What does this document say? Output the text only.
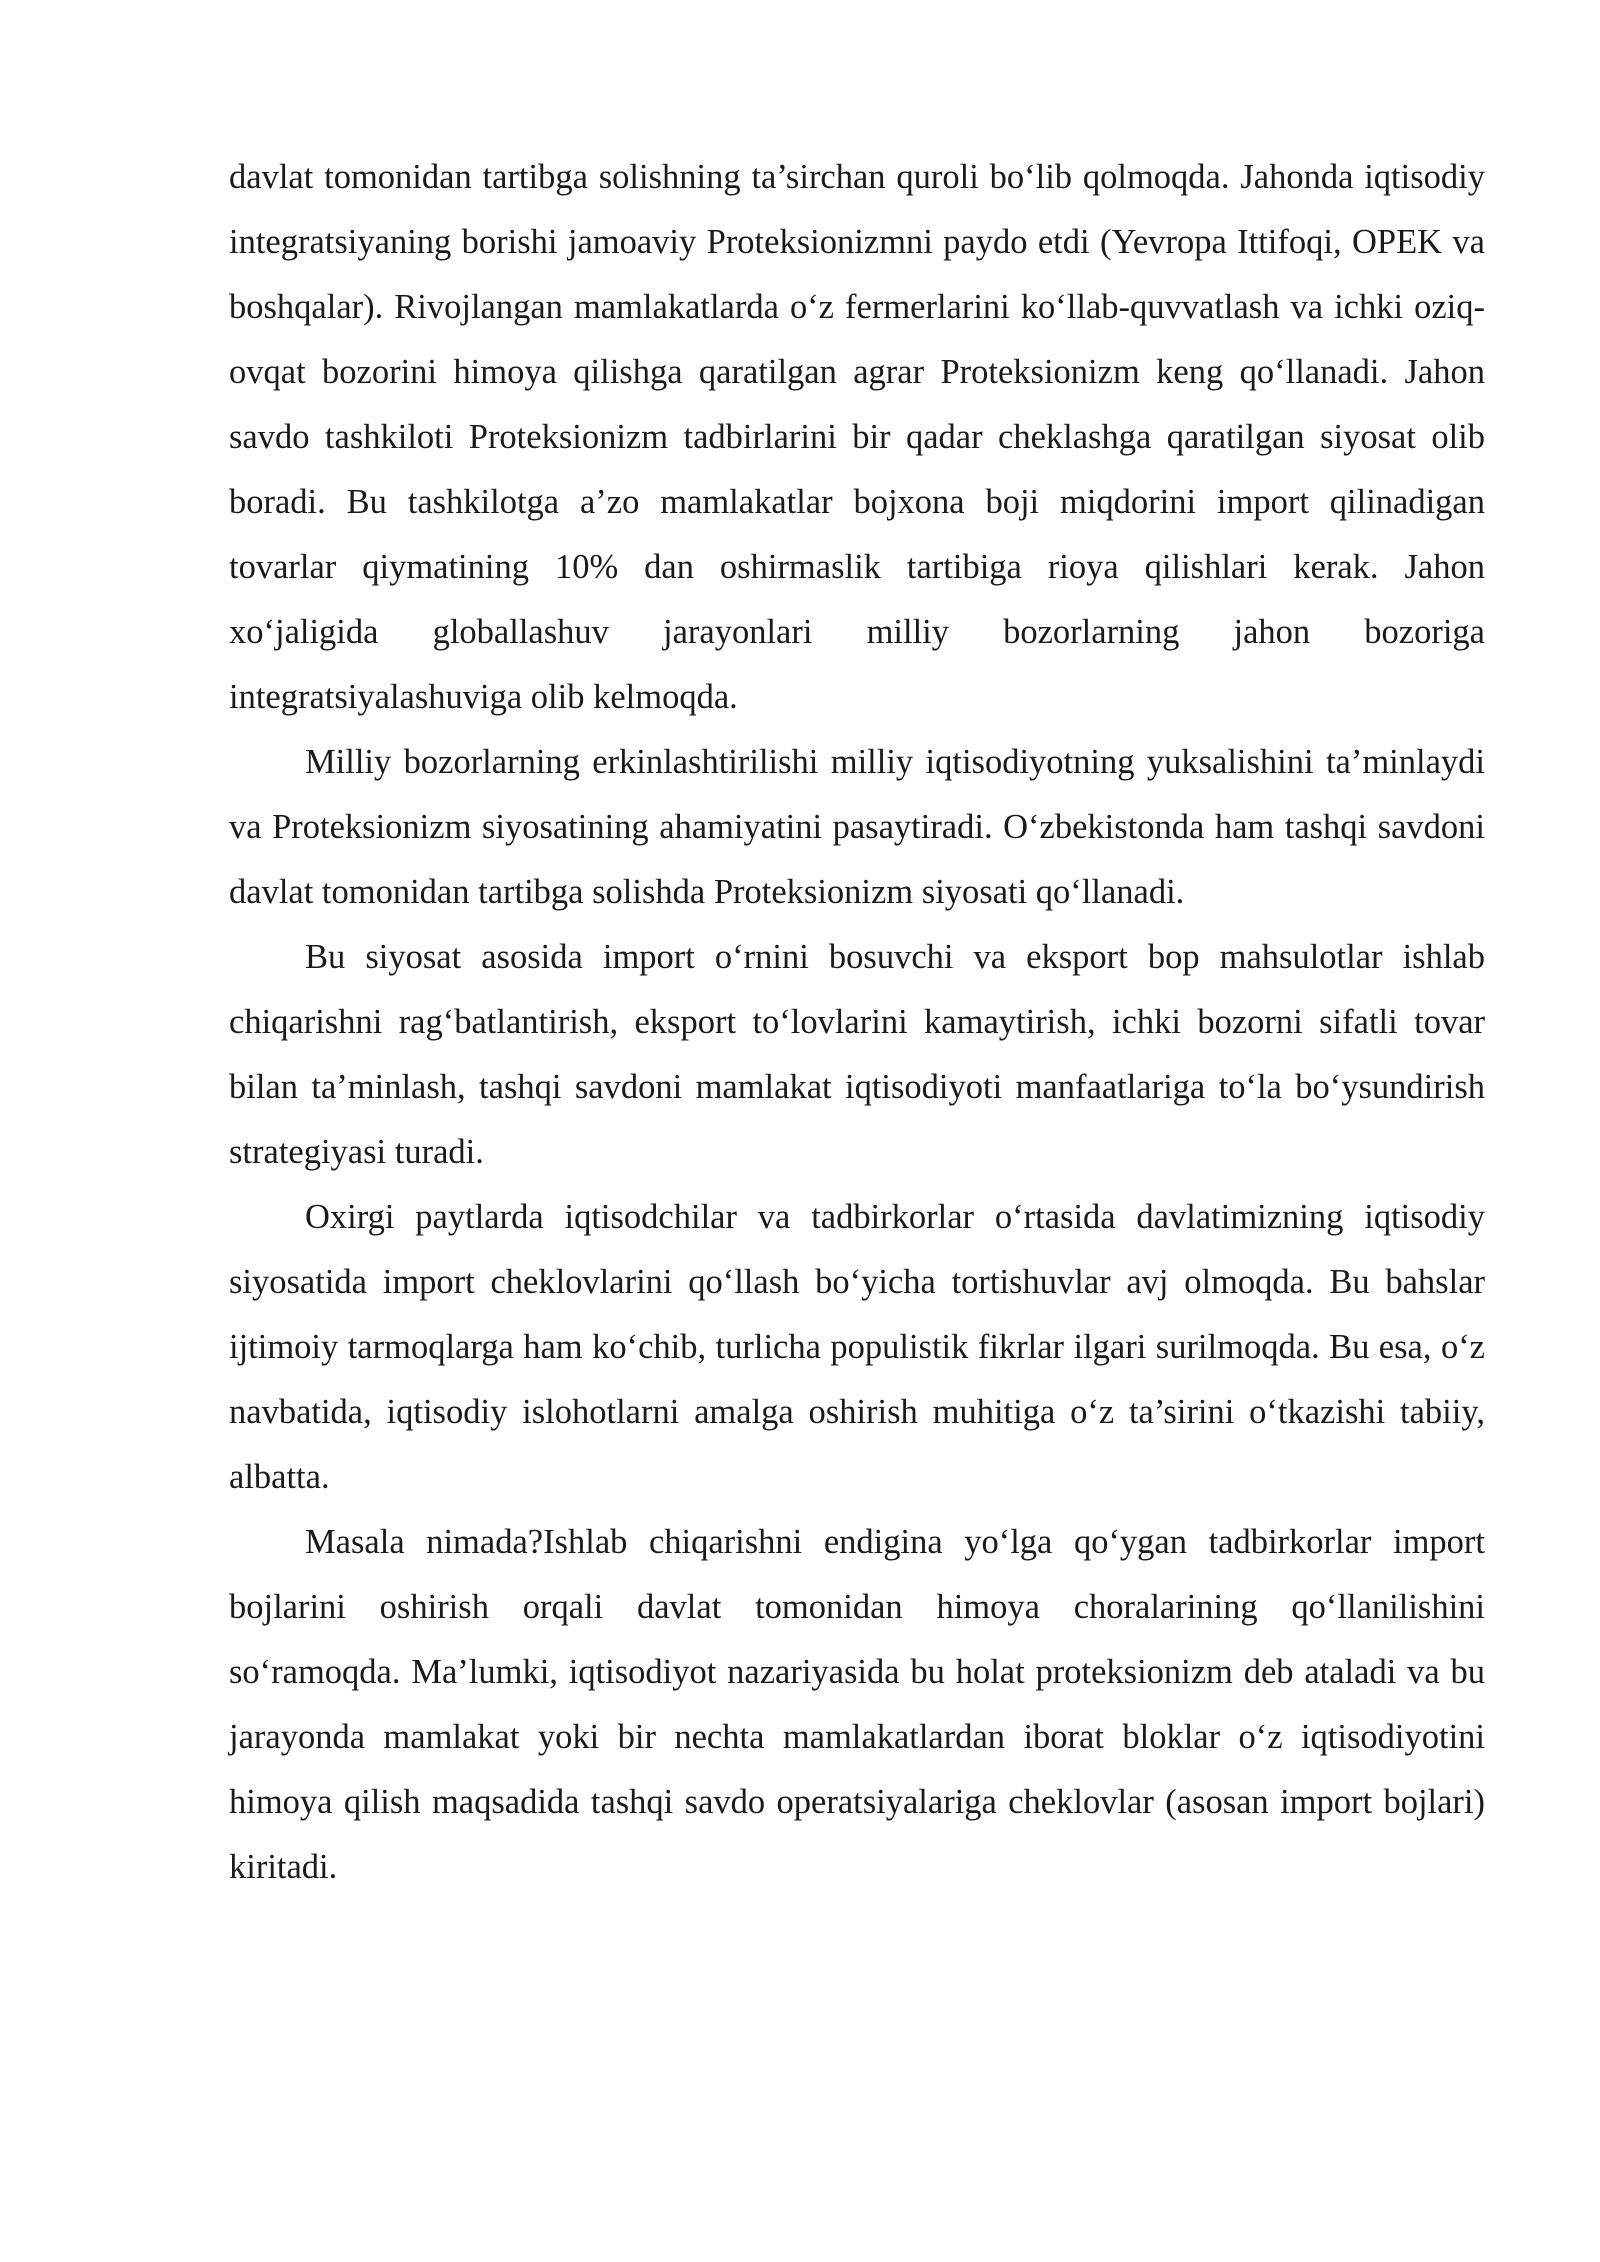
davlat tomonidan tartibga solishning ta’sirchan quroli bo‘lib qolmoqda. Jahonda iqtisodiy integratsiyaning borishi jamoaviy Proteksionizmni paydo etdi (Yevropa Ittifoqi, OPEK va boshqalar). Rivojlangan mamlakatlarda o‘z fermerlarini ko‘llab-quvvatlash va ichki oziq-ovqat bozorini himoya qilishga qaratilgan agrar Proteksionizm keng qo‘llanadi. Jahon savdo tashkiloti Proteksionizm tadbirlarini bir qadar cheklashga qaratilgan siyosat olib boradi. Bu tashkilotga a’zo mamlakatlar bojxona boji miqdorini import qilinadigan tovarlar qiymatining 10% dan oshirmaslik tartibiga rioya qilishlari kerak. Jahon xo‘jaligida globallashuv jarayonlari milliy bozorlarning jahon bozoriga integratsiyalashuviga olib kelmoqda.

Milliy bozorlarning erkinlashtirilishi milliy iqtisodiyotning yuksalishini ta’minlaydi va Proteksionizm siyosatining ahamiyatini pasaytiradi. O‘zbekistonda ham tashqi savdoni davlat tomonidan tartibga solishda Proteksionizm siyosati qo‘llanadi.

Bu siyosat asosida import o‘rnini bosuvchi va eksport bop mahsulotlar ishlab chiqarishni rag‘batlantirish, eksport to‘lovlarini kamaytirish, ichki bozorni sifatli tovar bilan ta’minlash, tashqi savdoni mamlakat iqtisodiyoti manfaatlariga to‘la bo‘ysundirish strategiyasi turadi.

Oxirgi paytlarda iqtisodchilar va tadbirkorlar o‘rtasida davlatimizning iqtisodiy siyosatida import cheklovlarini qo‘llash bo‘yicha tortishuvlar avj olmoqda. Bu bahslar ijtimoiy tarmoqlarga ham ko‘chib, turlicha populistik fikrlar ilgari surilmoqda. Bu esa, o‘z navbatida, iqtisodiy islohotlarni amalga oshirish muhitiga o‘z ta’sirini o‘tkazishi tabiiy, albatta.

Masala nimada?Ishlab chiqarishni endigina yo‘lga qo‘ygan tadbirkorlar import bojlarini oshirish orqali davlat tomonidan himoya choralarining qo‘llanilishini so‘ramoqda. Ma’lumki, iqtisodiyot nazariyasida bu holat proteksionizm deb ataladi va bu jarayonda mamlakat yoki bir nechta mamlakatlardan iborat bloklar o‘z iqtisodiyotini himoya qilish maqsadida tashqi savdo operatsiyalariga cheklovlar (asosan import bojlari) kiritadi.
